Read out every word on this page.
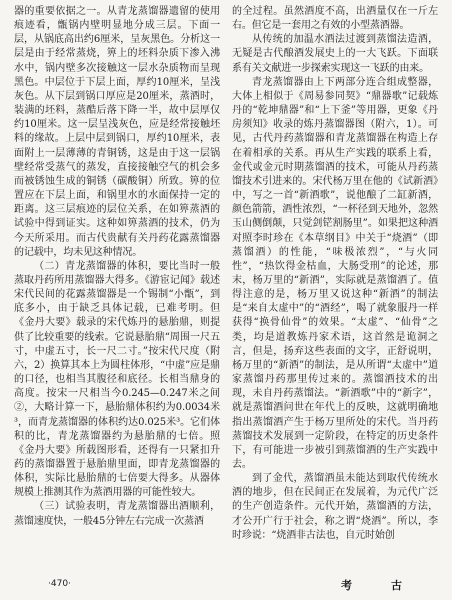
器的重要依据之一。从青龙蒸馏器遗留的使用痕迹看，甑锅内壁明显地分成三层。下面一层，从锅底高出约6厘米，呈灰黑色。分析这一层是由于经常蒸烧，箅上的坯料杂质下渗入沸水中，锅内壁多次接触这一层水杂质物而呈现黑色。中层位于下层上面，厚约10厘米，呈浅灰色。从下层到锅口厚应是20厘米，蒸酒时，装满的坯料，蒸酷后落下降一半，故中层厚仅约10厘米。这一层呈浅灰色，应是经常接触坯料的缘故。上层中层到锅口，厚约10厘米，表面附上一层薄薄的青铜锈，这是由于这一层锅壁经常受蒸气的蒸发，直接接触空气的机会多而被锈蚀生成的铜锈（碳酸铜）所致。箅的位置应在下层上面，和锅里水的水面保持一定的距离。这三层痕迹的层位关系，在如箅蒸酒的试验中得到证实。这种如箅蒸酒的技术，仍为今天所采用。而古代贵献有关丹药花露蒸馏器的记载中，均未见这种情况。

（二）青龙蒸馏器的体积，要比当时一般蒸取丹药所用蒸馏器大得多。《游宦记闻》载述宋代民间的花露蒸馏器是一个锡制“小甑”，到底多小，由于缺乏具体记载，已难考明。但《金丹大要》载录的宋代炼丹的悬胎鼎，则提供了比较重要的线索。它说悬胎鼎“周围一尺五寸，中虚五寸，长一尺二寸。”按宋代尺度（附六，2）换算其本上为圆柱体形，“中虚”应是鼎的口径，也相当其腹径和底径。长相当鼎身的高度。按宋一尺相当今0.245—0.247米之间②，大略计算一下，悬胎鼎体积约为0.0034米³，而青龙蒸馏器的体积约达0.025米³。它们体积的比，青龙蒸馏器约为悬胎鼎的七倍。照《金丹大要》所载图形看，还得有一只紧扣升药的蒸馏器置于悬胎鼎里面，即青龙蒸馏器的体积，实际比悬胎鼎的七倍要大得多。从器体规模上推测其作为蒸酒用器的可能性较大。

（三）试验表明，青龙蒸馏器出酒顺利，蒸馏速度快，一般45分钟左右完成一次蒸酒

的全过程。虽然酒度不高，出酒量仅在一斤左右。但它是一套用之有效的小型蒸酒器。

从传统的加温水酒法过渡到蒸馏法造酒，无疑是古代酿酒发展史上的一大飞跃。下面联系有关文献进一步探索实现这一飞跃的由来。

青龙蒸馏器由上下两部分连合组成整器，大体上相似于《周易参同契》“鼎器歌”记载炼丹的“乾坤鼎器”和“上下釜”等用器，更象《丹房须知》收录的炼丹蒸馏器图（附六，1）。可见，古代丹药蒸馏器和青龙蒸馏器在构造上存在着相承的关系。再从生产实践的联系上看，金代或金元时期蒸馏酒的技术，可能从丹药蒸馏技术引进来的。宋代杨万里在他的《试新酒》中，写之一首“新酒歌”，说他酿了二缸新酒，颜色箭箭，酒性浓烈，“一杯径到天地外，忽然玉山侧倒颠，只觉剑铓割肠里”。如果把这种酒对照李时珍在《本草纲目》中关于“烧酒”（即蒸馏酒）的性能，“味极浓烈”，“与火同性”，“热饮得金枯血，大肠受刑”的论述，那末，杨万里的“新酒”，实际就是蒸馏酒了。值得注意的是，杨万里又说这种“新酒”的制法是“来自太虚中”的“酒经”，喝了就象服丹一样获得“换骨仙骨”的效果。“太虚”、“仙骨”之类，均是道教炼丹家术语，这首然是诡洞之言，但是，扬弃这些表面的文字，正舒说明，杨万里的“新酒”的制法，是从所谓“太虚中”道家蒸馏丹药那里传过来的。蒸馏酒技术的出现，未自丹药蒸馏法。“新酒歌”中的“新字”，就是蒸馏酒问世在年代上的反映，这就明确地指出蒸馏酒产生于杨万里所处的宋代。当丹药蒸馏技术发展到一定阶段，在特定的历史条件下，有可能进一步被引到蒸馏酒的生产实践中去。

到了金代，蒸馏酒虽未能达到取代传统水酒的地步，但在民间正在发展着，为元代广泛的生产创造条件。元代开始，蒸馏酒的方法，才公开广行于社会，称之谓“烧酒”。所以，李时珍说：“烧酒非古法也，自元时始创

·470·	考　古
